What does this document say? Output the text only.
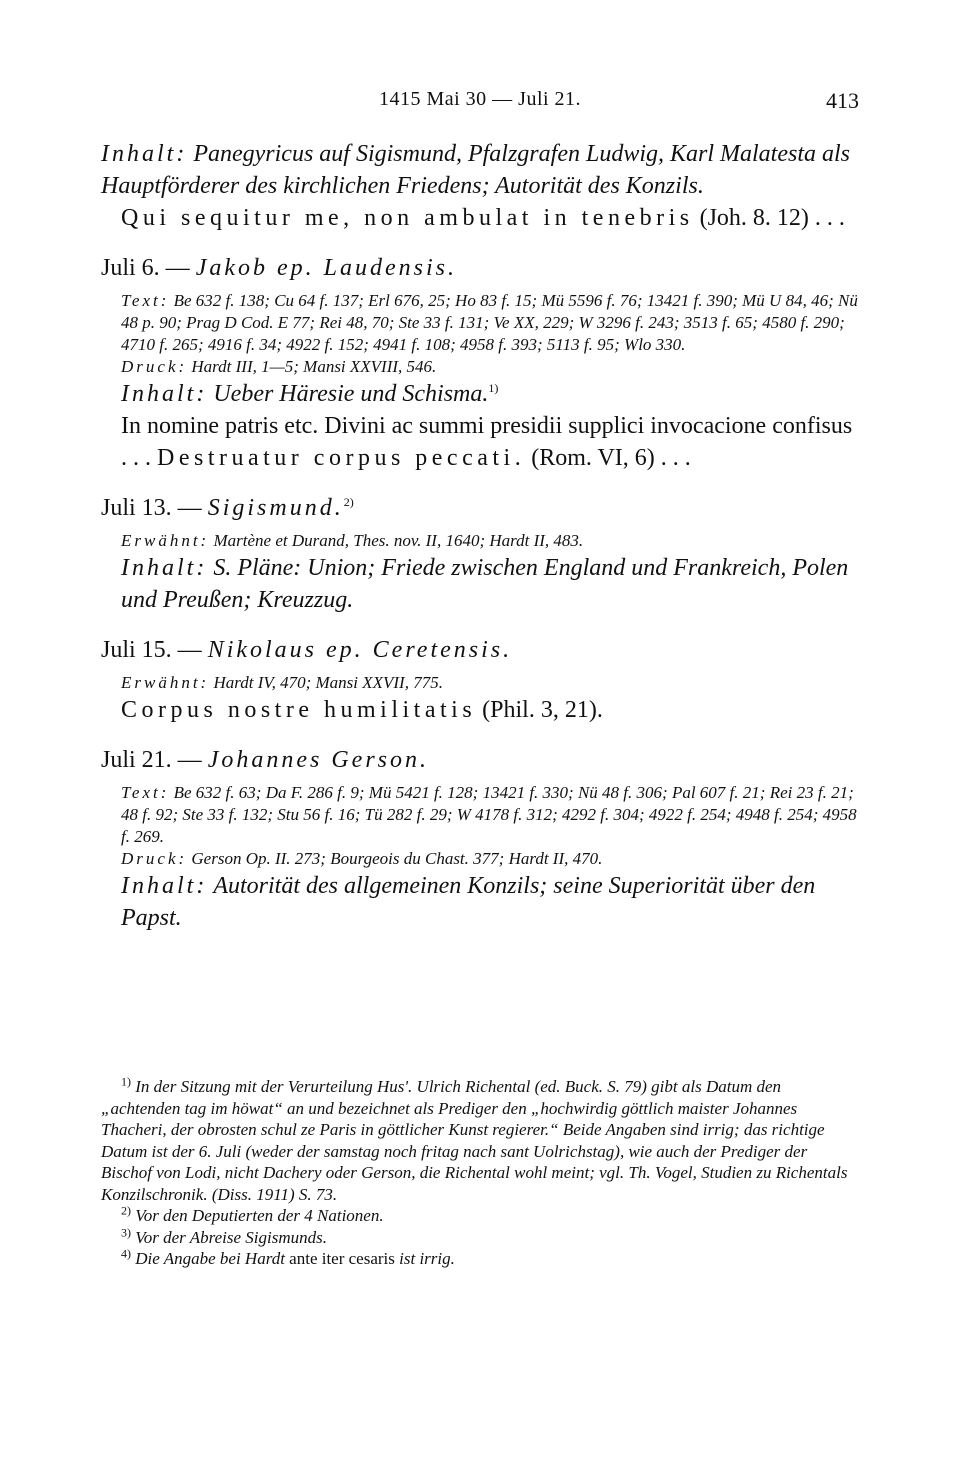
1415 Mai 30 — Juli 21.	413

Inhalt: Panegyricus auf Sigismund, Pfalzgrafen Ludwig, Karl Malatesta als Hauptförderer des kirchlichen Friedens; Autorität des Konzils.

Qui sequitur me, non ambulat in tenebris (Joh. 8. 12) . . .

Juli 6. — Jakob ep. Laudensis.

Text: Be 632 f. 138; Cu 64 f. 137; Erl 676, 25; Ho 83 f. 15; Mü 5596 f. 76; 13421 f. 390; Mü U 84, 46; Nü 48 p. 90; Prag D Cod. E 77; Rei 48, 70; Ste 33 f. 131; Ve XX, 229; W 3296 f. 243; 3513 f. 65; 4580 f. 290; 4710 f. 265; 4916 f. 34; 4922 f. 152; 4941 f. 108; 4958 f. 393; 5113 f. 95; Wlo 330.

Druck: Hardt III, 1—5; Mansi XXVIII, 546.

Inhalt: Ueber Häresie und Schisma.$^{1)}$

In nomine patris etc. Divini ac summi presidii supplici invocacione confisus . . . Destruatur corpus peccati. (Rom. VI, 6) . . .

Juli 13. — Sigismund.$^{2)}$

Erwähnt: Martène et Durand, Thes. nov. II, 1640; Hardt II, 483.

Inhalt: S. Pläne: Union; Friede zwischen England und Frankreich, Polen und Preußen; Kreuzzug.

Juli 15. — Nikolaus ep. Ceretensis.

Erwähnt: Hardt IV, 470; Mansi XXVII, 775.

Corpus nostre humilitatis (Phil. 3, 21).

Juli 21. — Johannes Gerson.

Text: Be 632 f. 63; Da F. 286 f. 9; Mü 5421 f. 128; 13421 f. 330; Nü 48 f. 306; Pal 607 f. 21; Rei 23 f. 21; 48 f. 92; Ste 33 f. 132; Stu 56 f. 16; Tü 282 f. 29; W 4178 f. 312; 4292 f. 304; 4922 f. 254; 4948 f. 254; 4958 f. 269.

Druck: Gerson Op. II. 273; Bourgeois du Chast. 377; Hardt II, 470.

Inhalt: Autorität des allgemeinen Konzils; seine Superiorität über den Papst.

$^{1)}$ In der Sitzung mit der Verurteilung Hus'. Ulrich Richental (ed. Buck. S. 79) gibt als Datum den „achtenden tag im höwat“ an und bezeichnet als Prediger den „hochwirdig göttlich maister Johannes Thacheri, der obrosten schul ze Paris in göttlicher Kunst regierer.“ Beide Angaben sind irrig; das richtige Datum ist der 6. Juli (weder der samstag noch fritag nach sant Uolrichstag), wie auch der Prediger der Bischof von Lodi, nicht Dachery oder Gerson, die Richental wohl meint; vgl. Th. Vogel, Studien zu Richentals Konzilschronik. (Diss. 1911) S. 73.

$^{2)}$ Vor den Deputierten der 4 Nationen.

$^{3)}$ Vor der Abreise Sigismunds.

$^{4)}$ Die Angabe bei Hardt ante iter cesaris ist irrig.
